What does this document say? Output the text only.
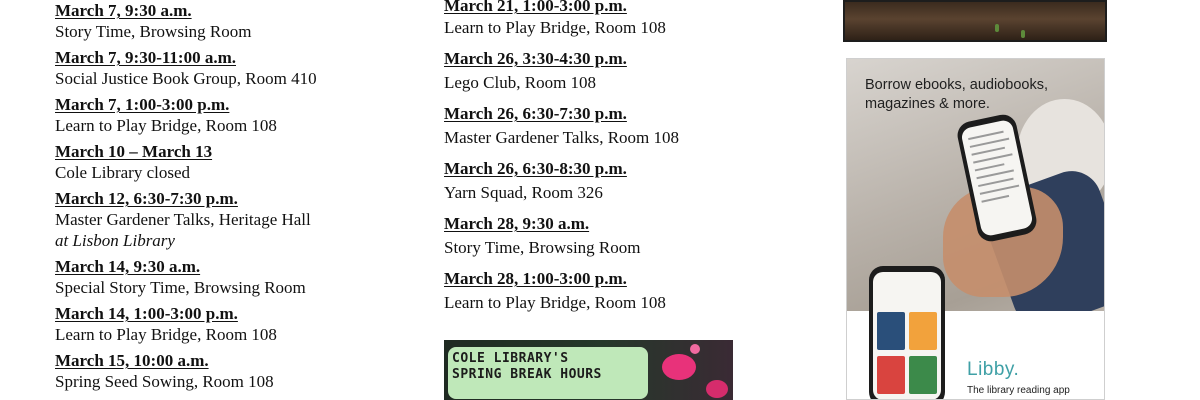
March 7, 9:30 a.m.
Story Time, Browsing Room
March 7, 9:30-11:00 a.m.
Social Justice Book Group, Room 410
March 7, 1:00-3:00 p.m.
Learn to Play Bridge, Room 108
March 10 – March 13
Cole Library closed
March 12, 6:30-7:30 p.m.
Master Gardener Talks, Heritage Hall
at Lisbon Library
March 14, 9:30 a.m.
Special Story Time, Browsing Room
March 14, 1:00-3:00 p.m.
Learn to Play Bridge, Room 108
March 15, 10:00 a.m.
Spring Seed Sowing, Room 108
March 21, 1:00-3:00 p.m.
Learn to Play Bridge, Room 108
March 26, 3:30-4:30 p.m.
Lego Club, Room 108
March 26, 6:30-7:30 p.m.
Master Gardener Talks, Room 108
March 26, 6:30-8:30 p.m.
Yarn Squad, Room 326
March 28, 9:30 a.m.
Story Time, Browsing Room
March 28, 1:00-3:00 p.m.
Learn to Play Bridge, Room 108
COLE LIBRARY'S
SPRING BREAK HOURS
Borrow ebooks, audiobooks, magazines & more.
Libby.
The library reading app
